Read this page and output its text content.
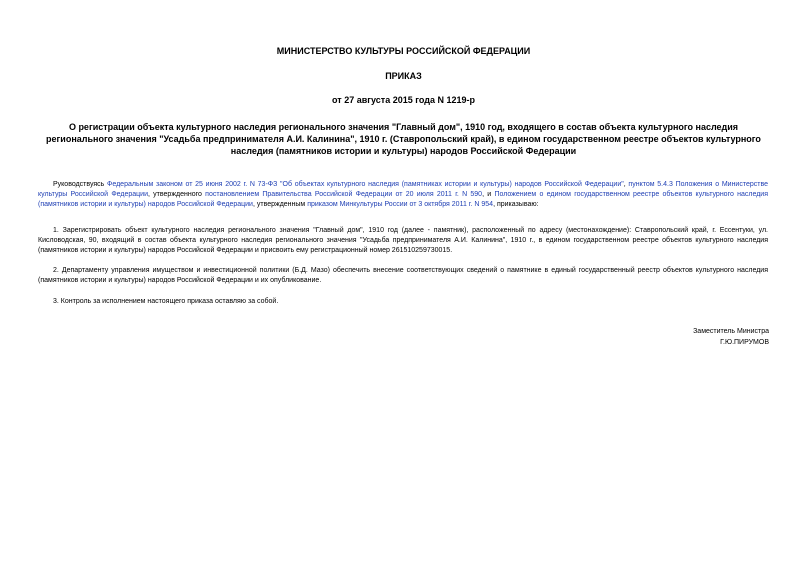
МИНИСТЕРСТВО КУЛЬТУРЫ РОССИЙСКОЙ ФЕДЕРАЦИИ
ПРИКАЗ
от 27 августа 2015 года N 1219-р
О регистрации объекта культурного наследия регионального значения "Главный дом", 1910 год, входящего в состав объекта культурного наследия регионального значения "Усадьба предпринимателя А.И. Калинина", 1910 г. (Ставропольский край), в едином государственном реестре объектов культурного наследия (памятников истории и культуры) народов Российской Федерации
Руководствуясь Федеральным законом от 25 июня 2002 г. N 73-ФЗ "Об объектах культурного наследия (памятниках истории и культуры) народов Российской Федерации", пунктом 5.4.3 Положения о Министерстве культуры Российской Федерации, утвержденного постановлением Правительства Российской Федерации от 20 июля 2011 г. N 590, и Положением о едином государственном реестре объектов культурного наследия (памятников истории и культуры) народов Российской Федерации, утвержденным приказом Минкультуры России от 3 октября 2011 г. N 954, приказываю:
1. Зарегистрировать объект культурного наследия регионального значения "Главный дом", 1910 год (далее - памятник), расположенный по адресу (местонахождение): Ставропольский край, г. Ессентуки, ул. Кисловодская, 90, входящий в состав объекта культурного наследия регионального значения "Усадьба предпринимателя А.И. Калинина", 1910 г., в едином государственном реестре объектов культурного наследия (памятников истории и культуры) народов Российской Федерации и присвоить ему регистрационный номер 261510259730015.
2. Департаменту управления имуществом и инвестиционной политики (Б.Д. Мазо) обеспечить внесение соответствующих сведений о памятнике в единый государственный реестр объектов культурного наследия (памятников истории и культуры) народов Российской Федерации и их опубликование.
3. Контроль за исполнением настоящего приказа оставляю за собой.
Заместитель Министра
Г.Ю.ПИРУМОВ
